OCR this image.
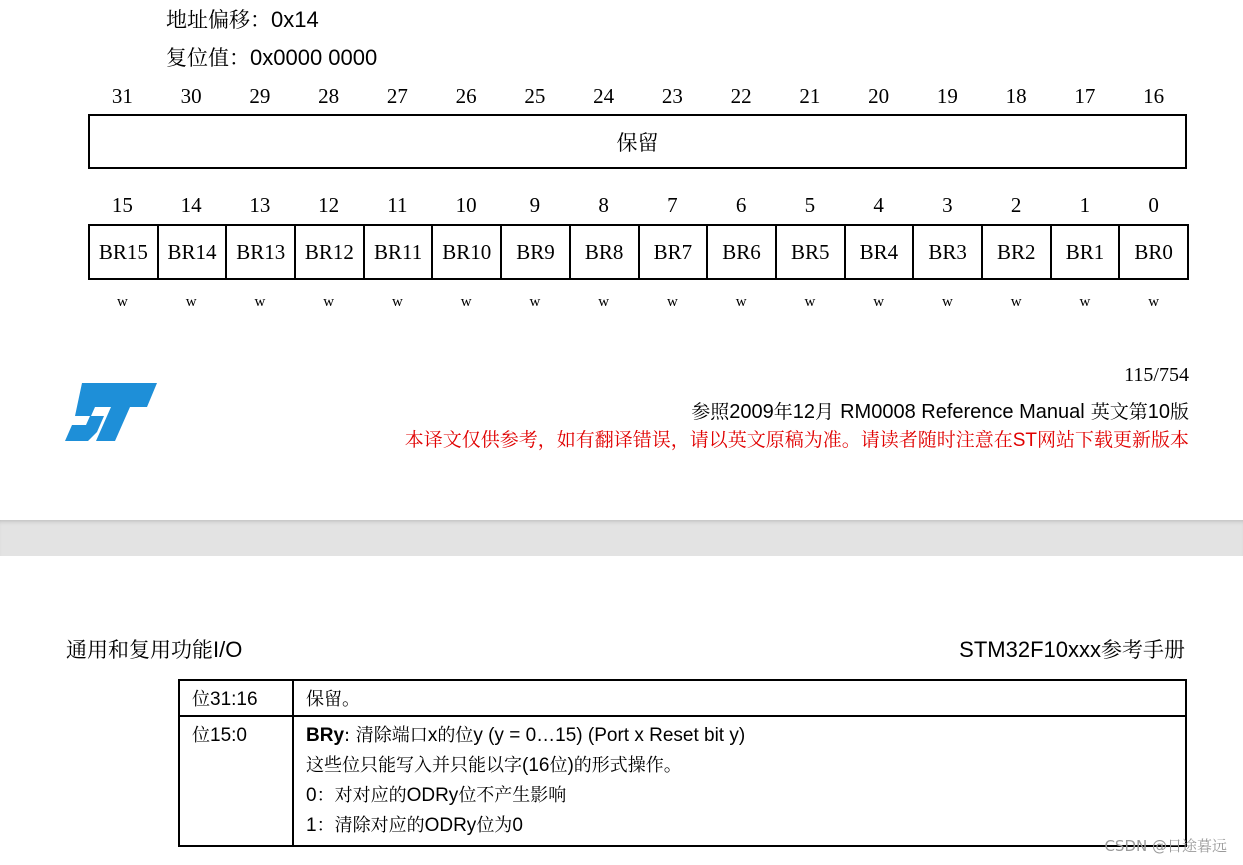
地址偏移：0x14
复位值：0x0000 0000
31	30	29	28	27	26	25	24	23	22	21	20	19	18	17	16
保留
15	14	13	12	11	10	9	8	7	6	5	4	3	2	1	0
BR15 BR14 BR13 BR12 BR11 BR10	BR9	BR8	BR7	BR6	BR5	BR4	BR3	BR2	BR1	BR0
w	w	w	w	w	w	w	w	w	w	w	w	w	w	w	w
115/754
参照2009年12月 RM0008 Reference Manual 英文第10版
本译文仅供参考，如有翻译错误，请以英文原稿为准。请读者随时注意在ST网站下载更新版本
通用和复用功能I/O	STM32F10xxx参考手册
位31:16	保留。
位15:0	BRy: 清除端口x的位y (y = 0…15) (Port x Reset bit y)
这些位只能写入并只能以字(16位)的形式操作。
0：对对应的ODRy位不产生影响
1：清除对应的ODRy位为0
CSDN @日途暮远
